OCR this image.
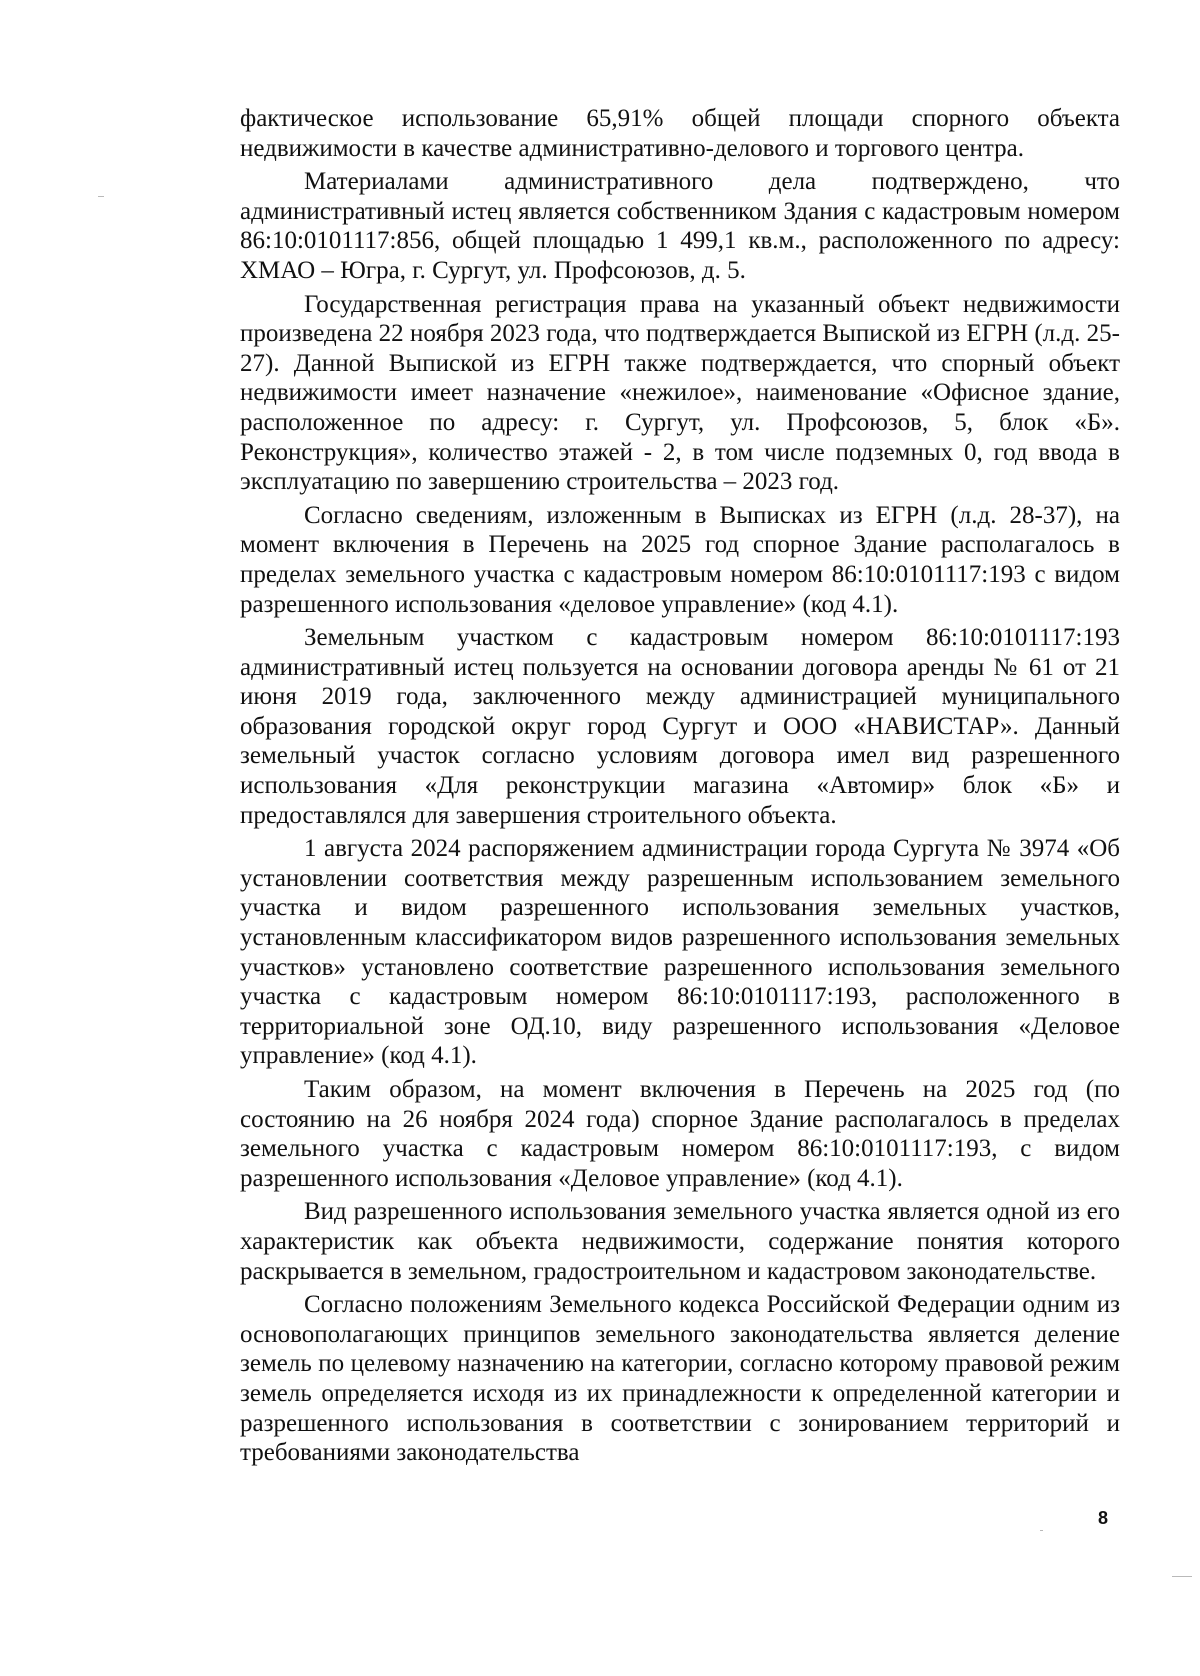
фактическое использование 65,91% общей площади спорного объекта недвижимости в качестве административно-делового и торгового центра.

Материалами административного дела подтверждено, что административный истец является собственником Здания с кадастровым номером 86:10:0101117:856, общей площадью 1 499,1 кв.м., расположенного по адресу: ХМАО – Югра, г. Сургут, ул. Профсоюзов, д. 5.

Государственная регистрация права на указанный объект недвижимости произведена 22 ноября 2023 года, что подтверждается Выпиской из ЕГРН (л.д. 25-27). Данной Выпиской из ЕГРН также подтверждается, что спорный объект недвижимости имеет назначение «нежилое», наименование «Офисное здание, расположенное по адресу: г. Сургут, ул. Профсоюзов, 5, блок «Б». Реконструкция», количество этажей - 2, в том числе подземных 0, год ввода в эксплуатацию по завершению строительства – 2023 год.

Согласно сведениям, изложенным в Выписках из ЕГРН (л.д. 28-37), на момент включения в Перечень на 2025 год спорное Здание располагалось в пределах земельного участка с кадастровым номером 86:10:0101117:193 с видом разрешенного использования «деловое управление» (код 4.1).

Земельным участком с кадастровым номером 86:10:0101117:193 административный истец пользуется на основании договора аренды № 61 от 21 июня 2019 года, заключенного между администрацией муниципального образования городской округ город Сургут и ООО «НАВИСТАР». Данный земельный участок согласно условиям договора имел вид разрешенного использования «Для реконструкции магазина «Автомир» блок «Б» и предоставлялся для завершения строительного объекта.

1 августа 2024 распоряжением администрации города Сургута № 3974 «Об установлении соответствия между разрешенным использованием земельного участка и видом разрешенного использования земельных участков, установленным классификатором видов разрешенного использования земельных участков» установлено соответствие разрешенного использования земельного участка с кадастровым номером 86:10:0101117:193, расположенного в территориальной зоне ОД.10, виду разрешенного использования «Деловое управление» (код 4.1).

Таким образом, на момент включения в Перечень на 2025 год (по состоянию на 26 ноября 2024 года) спорное Здание располагалось в пределах земельного участка с кадастровым номером 86:10:0101117:193, с видом разрешенного использования «Деловое управление» (код 4.1).

Вид разрешенного использования земельного участка является одной из его характеристик как объекта недвижимости, содержание понятия которого раскрывается в земельном, градостроительном и кадастровом законодательстве.

Согласно положениям Земельного кодекса Российской Федерации одним из основополагающих принципов земельного законодательства является деление земель по целевому назначению на категории, согласно которому правовой режим земель определяется исходя из их принадлежности к определенной категории и разрешенного использования в соответствии с зонированием территорий и требованиями законодательства

8
